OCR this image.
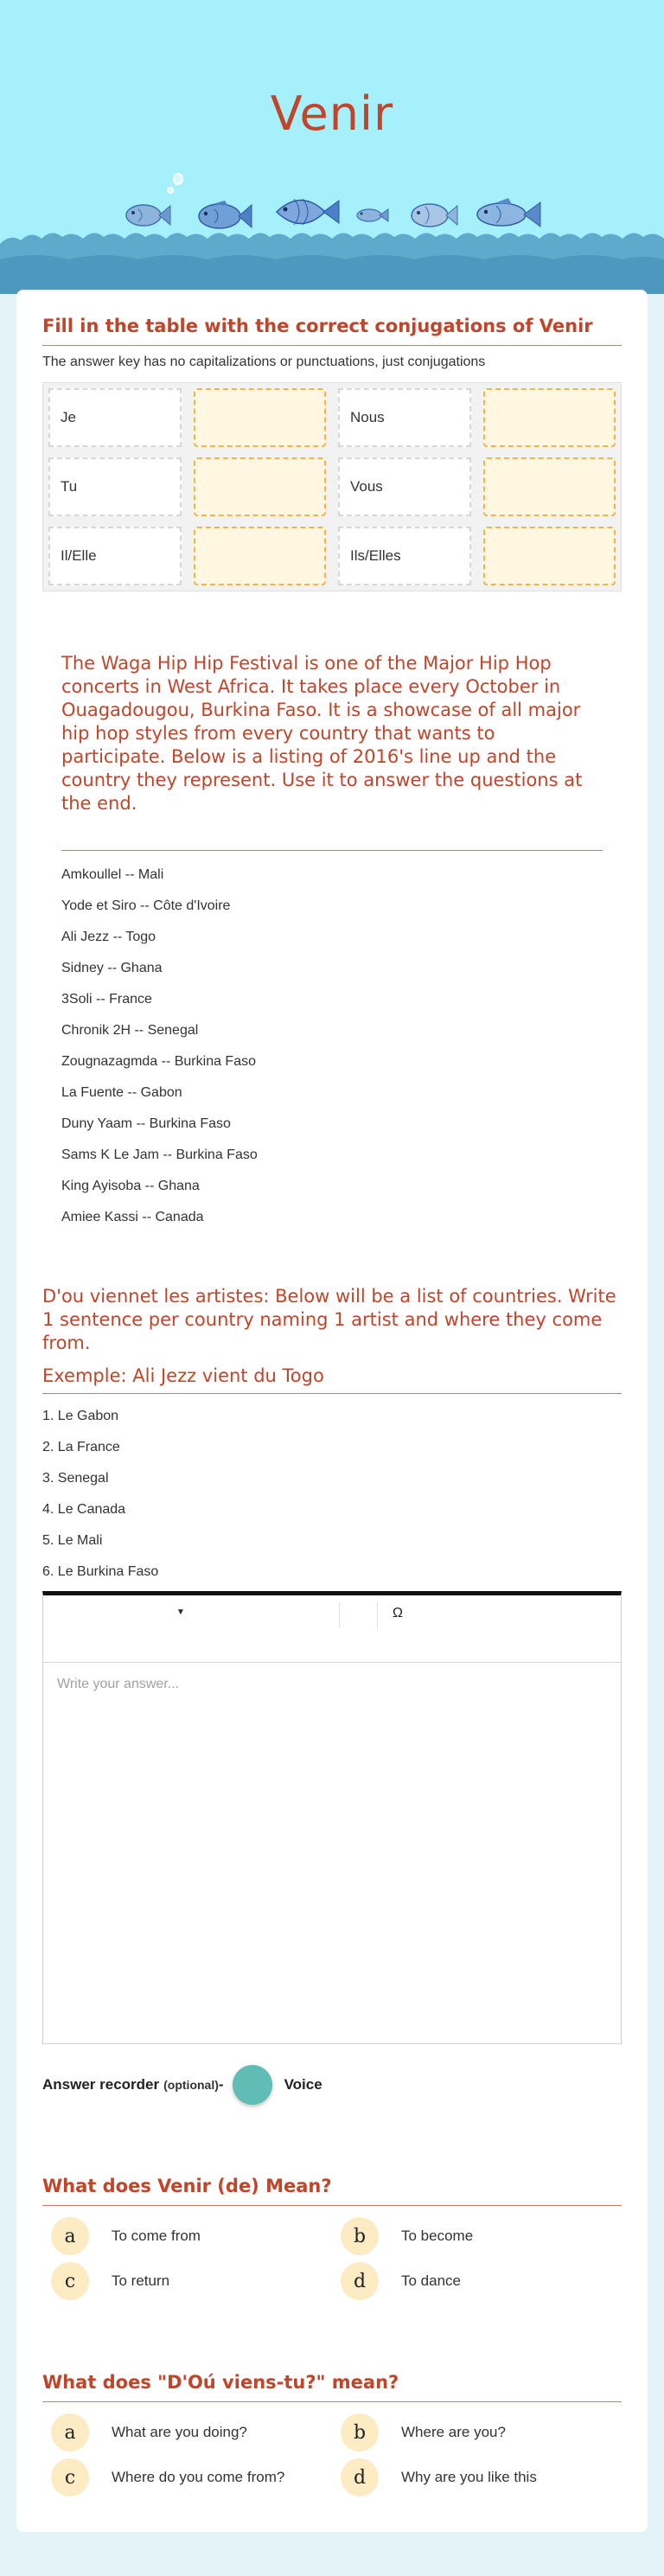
Venir
Fill in the table with the correct conjugations of Venir

The answer key has no capitalizations or punctuations, just conjugations

Je	Nous
Tu	Vous
Il/Elle	Ils/Elles

The Waga Hip Hip Festival is one of the Major Hip Hop concerts in West Africa. It takes place every October in Ouagadougou, Burkina Faso. It is a showcase of all major hip hop styles from every country that wants to participate. Below is a listing of 2016's line up and the country they represent. Use it to answer the questions at the end.

Amkoullel -- Mali
Yode et Siro -- Côte d'Ivoire
Ali Jezz -- Togo
Sidney -- Ghana
3Soli -- France
Chronik 2H -- Senegal
Zougnazagmda -- Burkina Faso
La Fuente -- Gabon
Duny Yaam -- Burkina Faso
Sams K Le Jam -- Burkina Faso
King Ayisoba -- Ghana
Amiee Kassi -- Canada

D'ou viennet les artistes: Below will be a list of countries. Write 1 sentence per country naming 1 artist and where they come from.

Exemple: Ali Jezz vient du Togo

1. Le Gabon
2. La France
3. Senegal
4. Le Canada
5. Le Mali
6. Le Burkina Faso
▼	Ω
Write your answer...
Answer recorder (optional) -	Voice
What does Venir (de) Mean?
a	To come from	b	To become
c	To return	d	To dance
What does "D'Oú viens-tu?" mean?
a	What are you doing?	b	Where are you?
c	Where do you come from?	d	Why are you like this
